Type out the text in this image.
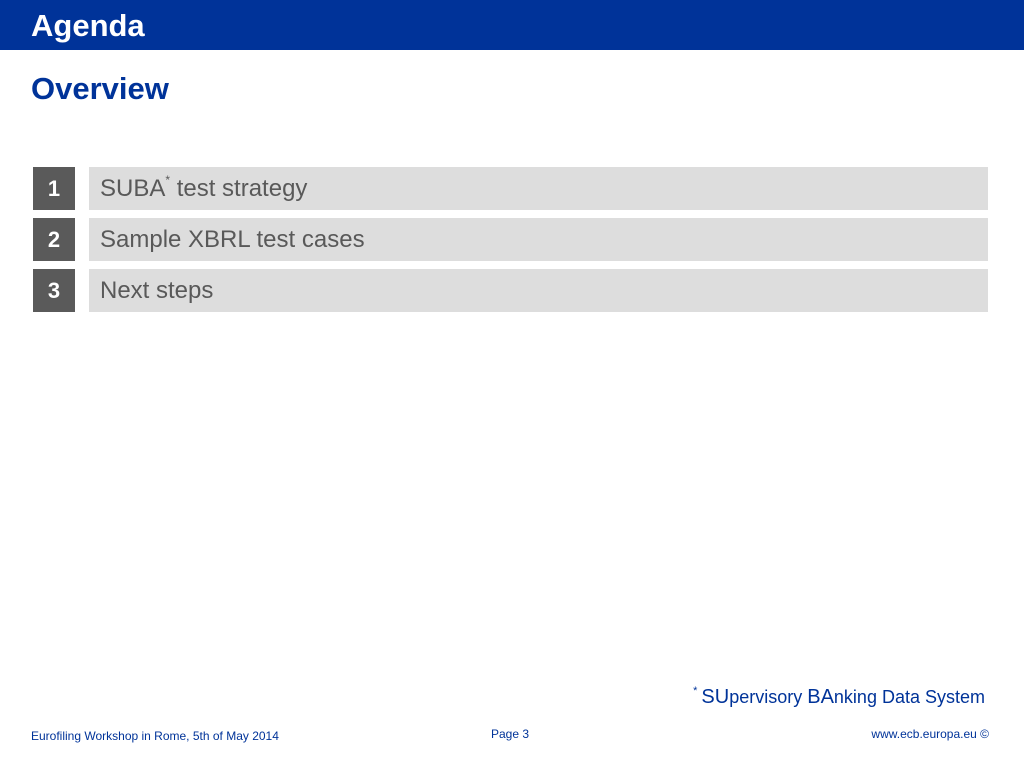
Agenda
Overview
1	SUBA* test strategy
2	Sample XBRL test cases
3	Next steps
* SUpervisory BAnking Data System
Eurofiling Workshop in Rome, 5th of May 2014	Page 3	www.ecb.europa.eu ©
